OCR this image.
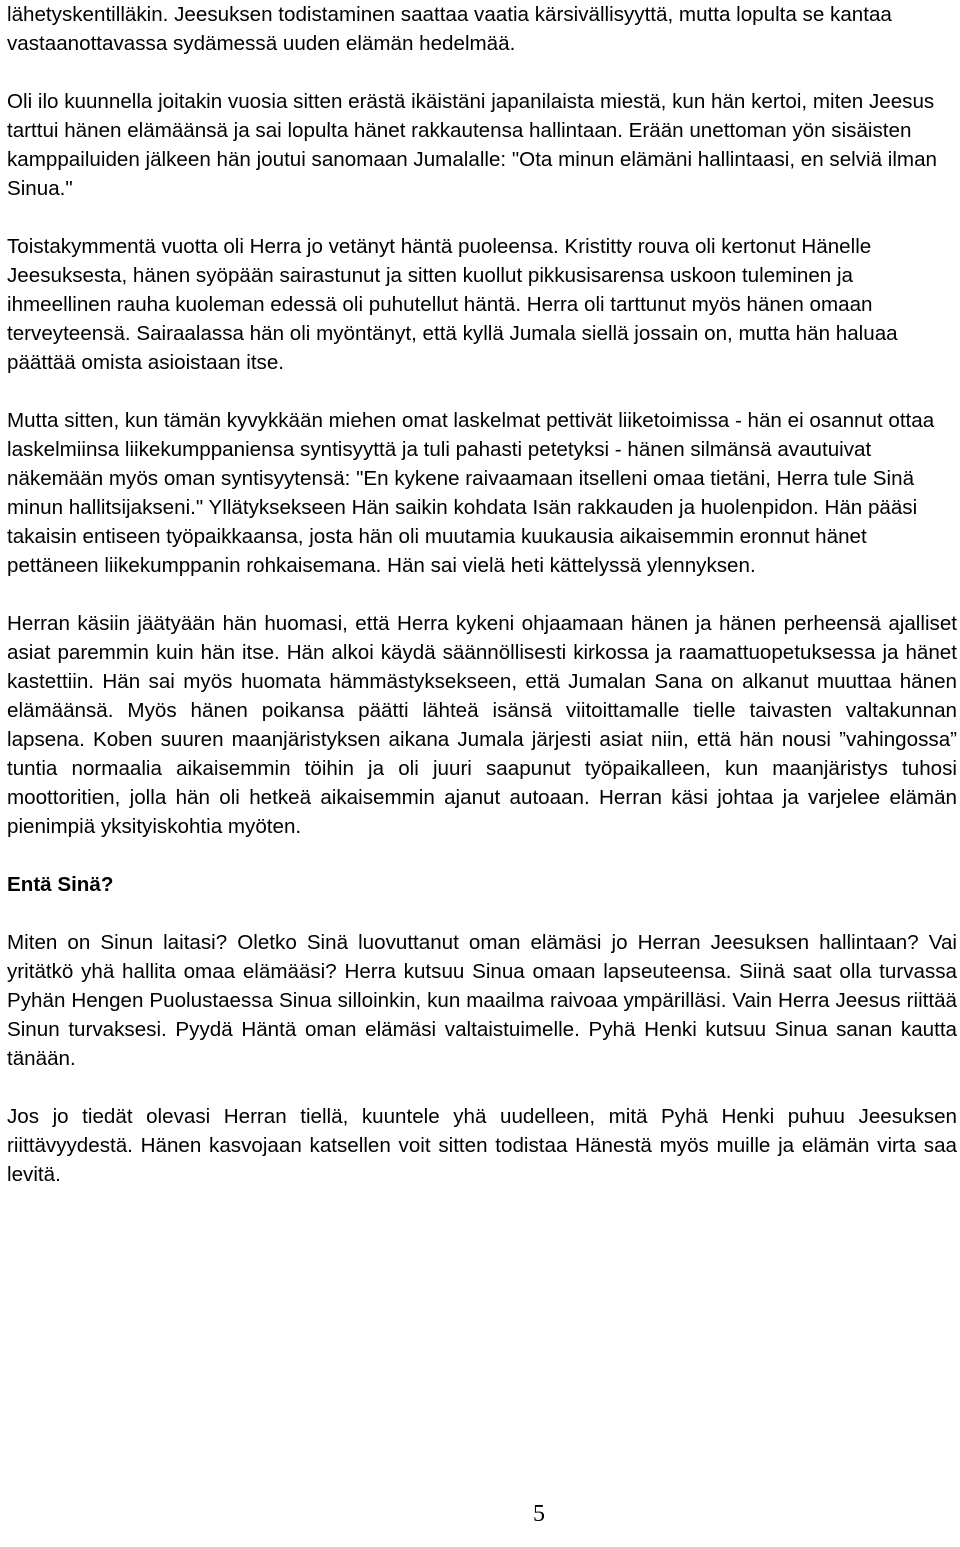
lähetyskentilläkin. Jeesuksen todistaminen saattaa vaatia kärsivällisyyttä, mutta lopulta se kantaa vastaanottavassa sydämessä uuden elämän hedelmää.

Oli ilo kuunnella joitakin vuosia sitten erästä ikäistäni japanilaista miestä, kun hän kertoi, miten Jeesus tarttui hänen elämäänsä ja sai lopulta hänet rakkautensa hallintaan. Erään unettoman yön sisäisten kamppailuiden jälkeen hän joutui sanomaan Jumalalle: "Ota minun elämäni hallintaasi, en selviä ilman Sinua."

Toistakymmentä vuotta oli Herra jo vetänyt häntä puoleensa. Kristitty rouva oli kertonut Hänelle Jeesuksesta, hänen syöpään sairastunut ja sitten kuollut pikkusisarensa uskoon tuleminen ja ihmeellinen rauha kuoleman edessä oli puhutellut häntä. Herra oli tarttunut myös hänen omaan terveyteensä. Sairaalassa hän oli myöntänyt, että kyllä Jumala siellä jossain on, mutta hän haluaa päättää omista asioistaan itse.

Mutta sitten, kun tämän kyvykkään miehen omat laskelmat pettivät liiketoimissa - hän ei osannut ottaa laskelmiinsa liikekumppaniensa syntisyyttä ja tuli pahasti petetyksi - hänen silmänsä avautuivat näkemään myös oman syntisyytensä: "En kykene raivaamaan itselleni omaa tietäni, Herra tule Sinä minun hallitsijakseni." Yllätyksekseen Hän saikin kohdata Isän rakkauden ja huolenpidon. Hän pääsi takaisin entiseen työpaikkaansa, josta hän oli muutamia kuukausia aikaisemmin eronnut hänet pettäneen liikekumppanin rohkaisemana. Hän sai vielä heti kättelyssä ylennyksen.

Herran käsiin jäätyään hän huomasi, että Herra kykeni ohjaamaan hänen ja hänen perheensä ajalliset asiat paremmin kuin hän itse. Hän alkoi käydä säännöllisesti kirkossa ja raamattuopetuksessa ja hänet kastettiin. Hän sai myös huomata hämmästyksekseen, että Jumalan Sana on alkanut muuttaa hänen elämäänsä. Myös hänen poikansa päätti lähteä isänsä viitoittamalle tielle taivasten valtakunnan lapsena. Koben suuren maanjäristyksen aikana Jumala järjesti asiat niin, että hän nousi ”vahingossa” tuntia normaalia aikaisemmin töihin ja oli juuri saapunut työpaikalleen, kun maanjäristys tuhosi moottoritien, jolla hän oli hetkeä aikaisemmin ajanut autoaan. Herran käsi johtaa ja varjelee elämän pienimpiä yksityiskohtia myöten.

Entä Sinä?

Miten on Sinun laitasi? Oletko Sinä luovuttanut oman elämäsi jo Herran Jeesuksen hallintaan? Vai yritätkö yhä hallita omaa elämääsi? Herra kutsuu Sinua omaan lapseuteensa. Siinä saat olla turvassa Pyhän Hengen Puolustaessa Sinua silloinkin, kun maailma raivoaa ympärilläsi. Vain Herra Jeesus riittää Sinun turvaksesi. Pyydä Häntä oman elämäsi valtaistuimelle. Pyhä Henki kutsuu Sinua sanan kautta tänään.

Jos jo tiedät olevasi Herran tiellä, kuuntele yhä uudelleen, mitä Pyhä Henki puhuu Jeesuksen riittävyydestä. Hänen kasvojaan katsellen voit sitten todistaa Hänestä myös muille ja elämän virta saa levitä.

5
